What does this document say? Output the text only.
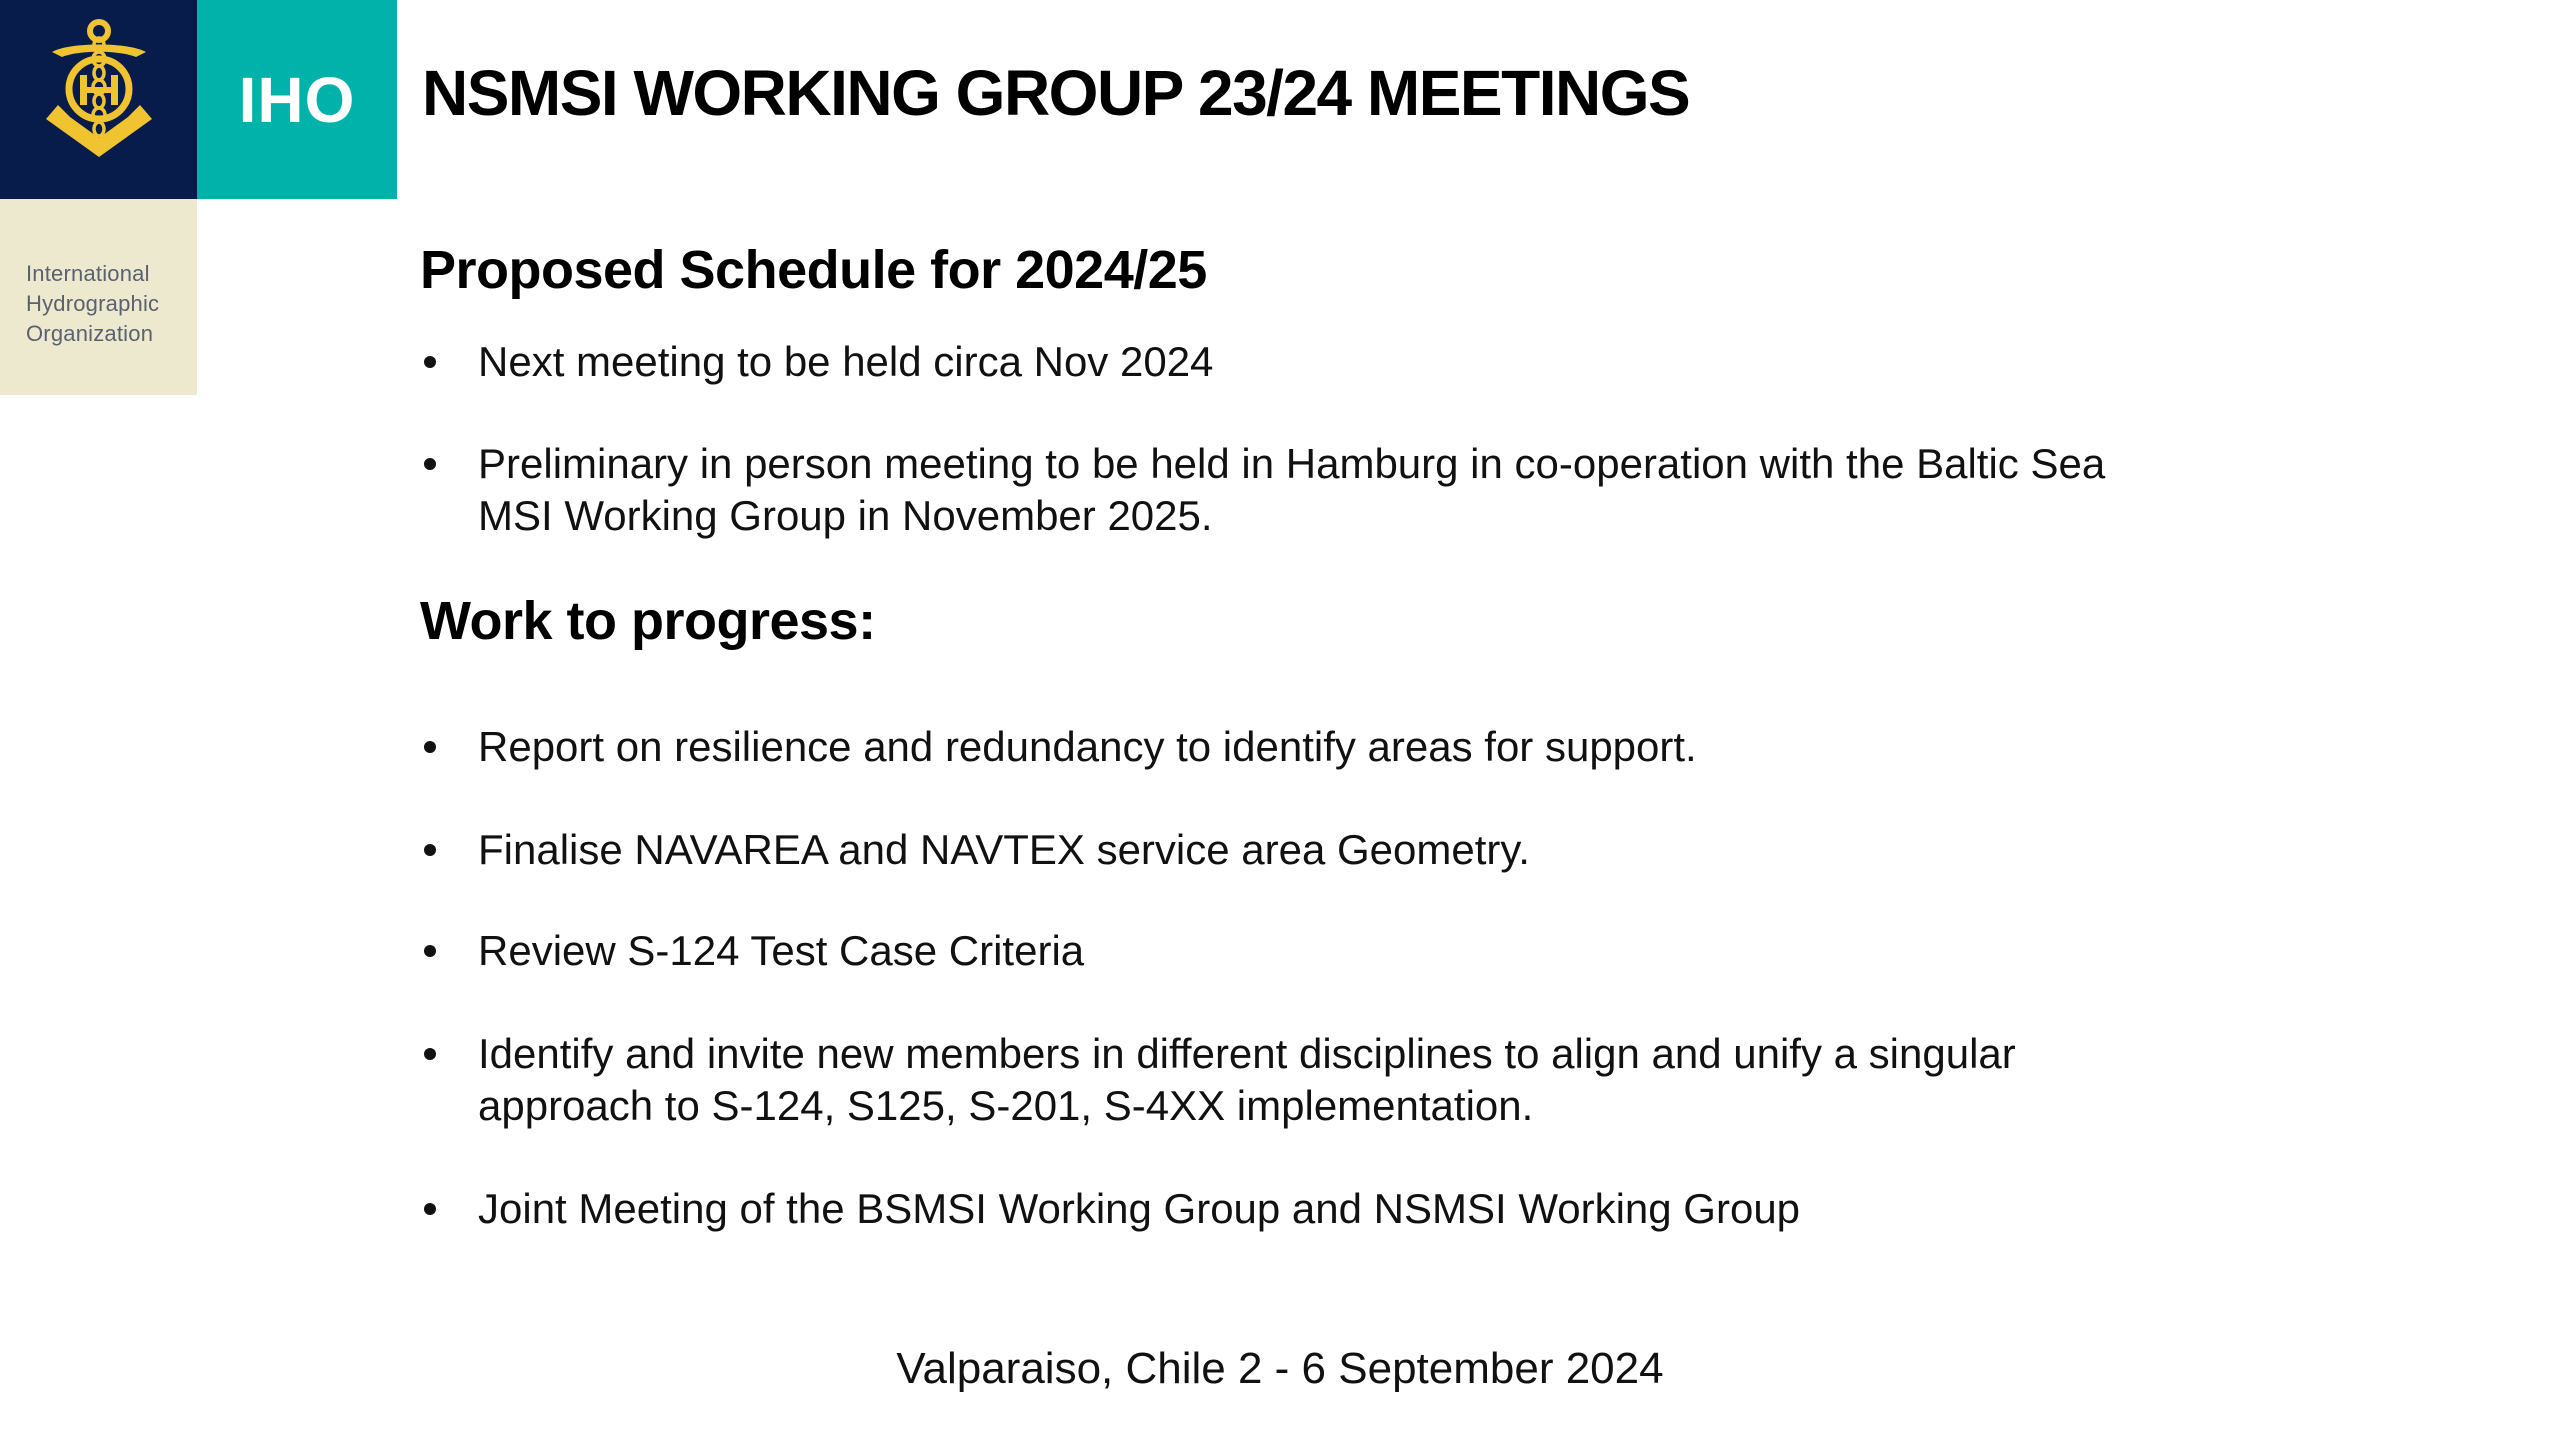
IHO
International
Hydrographic
Organization
NSMSI WORKING GROUP 23/24 MEETINGS
Proposed Schedule for 2024/25
Next meeting to be held circa Nov 2024
Preliminary in person meeting to be held in Hamburg in co-operation with the Baltic Sea MSI Working Group in November 2025.
Work to progress:
Report on resilience and redundancy to identify areas for support.
Finalise NAVAREA and NAVTEX service area Geometry.
Review S-124 Test Case Criteria
Identify and invite new members in different disciplines to align and unify a singular approach to S-124, S125, S-201, S-4XX implementation.
Joint Meeting of the BSMSI Working Group and NSMSI Working Group
Valparaiso, Chile 2 - 6 September 2024
